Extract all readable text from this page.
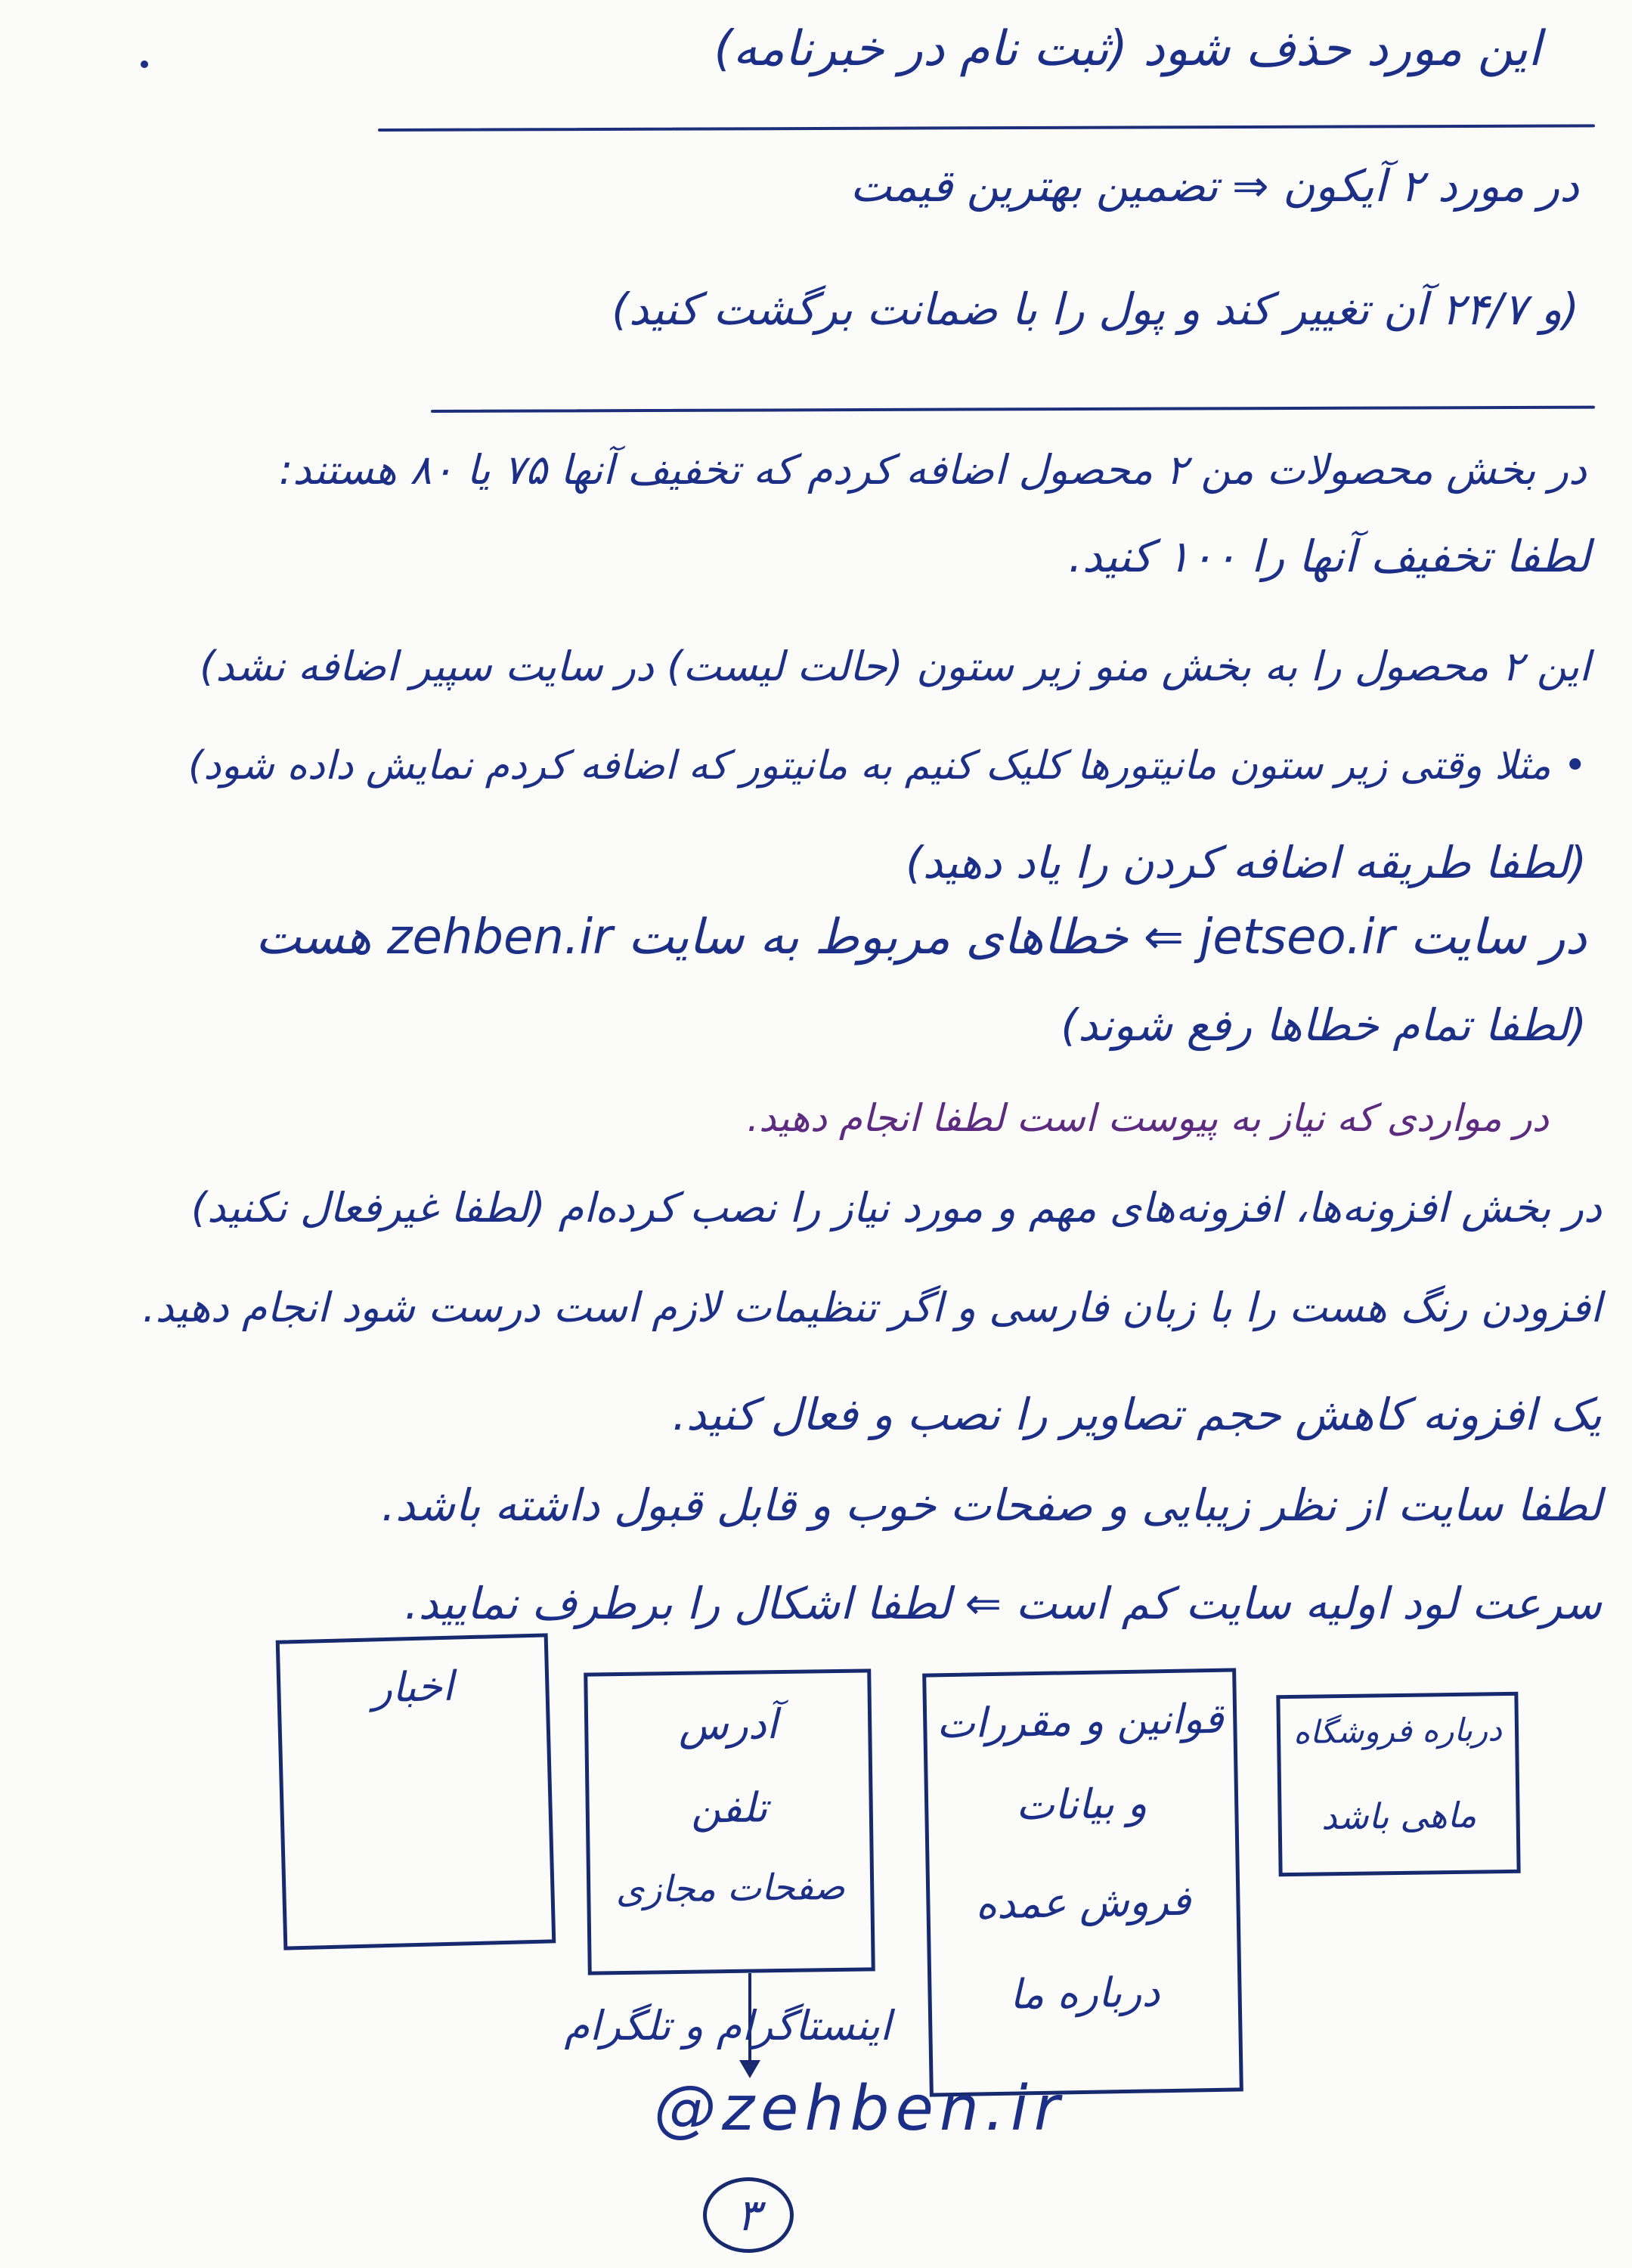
این مورد حذف شود (ثبت نام در خبرنامه)
در مورد ۲ آیکون ⇒ تضمین بهترین قیمت
(و ۲۴/۷ آن تغییر کند و پول را با ضمانت برگشت کنید)
در بخش محصولات من ۲ محصول اضافه کردم که تخفیف آنها ۷۵ یا ۸۰ هستند:
لطفا تخفیف آنها را ۱۰۰ کنید.
این ۲ محصول را به بخش منو زیر ستون (حالت لیست) در سایت سپیر اضافه نشد)
• مثلا وقتی زیر ستون مانیتورها کلیک کنیم به مانیتور که اضافه کردم نمایش داده شود)
(لطفا طریقه اضافه کردن را یاد دهید)
در سایت jetseo.ir ⇐ خطاهای مربوط به سایت zehben.ir هست
(لطفا تمام خطاها رفع شوند)
در مواردی که نیاز به پیوست است لطفا انجام دهید.
در بخش افزونه‌ها، افزونه‌های مهم و مورد نیاز را نصب کرده‌ام (لطفا غیرفعال نکنید)
افزودن رنگ هست را با زبان فارسی و اگر تنظیمات لازم است درست شود انجام دهید.
یک افزونه کاهش حجم تصاویر را نصب و فعال کنید.
لطفا سایت از نظر زیبایی و صفحات خوب و قابل قبول داشته باشد.
سرعت لود اولیه سایت کم است ⇐ لطفا اشکال را برطرف نمایید.
اخبار
آدرس
تلفن
صفحات مجازی
قوانین و مقررات
و بیانات
فروش عمده
درباره ما
درباره فروشگاه
ماهی باشد
اینستاگرام و تلگرام
@zehben.ir
۳
